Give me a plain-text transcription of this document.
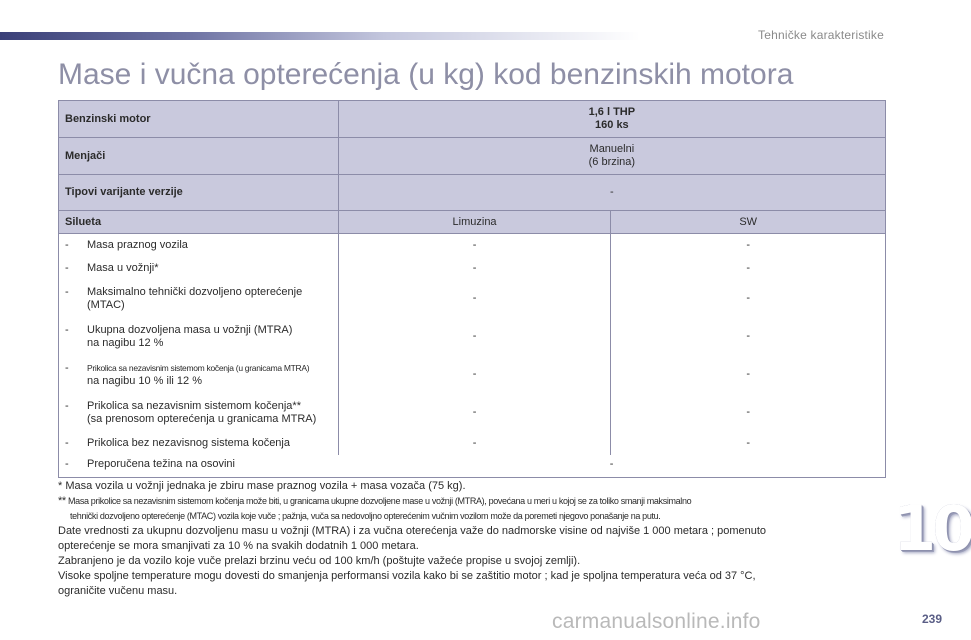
Tehničke karakteristike
Mase i vučna opterećenja (u kg) kod benzinskih motora
Benzinski motor	1,6 l THP
160 ks	

Menjači	Manuelni
(6 brzina)	

Tipovi varijante verzije	-	
Silueta	Limuzina	SW

- Masa praznog vozila	-	-

- Masa u vožnji*	-	-

- Maksimalno tehnički dozvoljeno opterećenje
(MTAC)	-	-

- Ukupna dozvoljena masa u vožnji (MTRA)
na nagibu 12 %	-	-

- Prikolica sa nezavisnim sistemom kočenja (u granicama MTRA)
na nagibu 10 % ili 12 %	-	-

- Prikolica sa nezavisnim sistemom kočenja**
(sa prenosom opterećenja u granicama MTRA)	-	-

- Prikolica bez nezavisnog sistema kočenja	-	-

- Preporučena težina na osovini	-	

* Masa vozila u vožnji jednaka je zbiru mase praznog vozila + masa vozača (75 kg).

** Masa prikolice sa nezavisnim sistemom kočenja može biti, u granicama ukupne dozvoljene mase u vožnji (MTRA), povećana u meri u kojoj se za toliko smanji maksimalno
tehnički dozvoljeno opterećenje (MTAC) vozila koje vuče ; pažnja, vuča sa nedovoljno opterećenim vučnim vozilom može da poremeti njegovo ponašanje na putu.

Date vrednosti za ukupnu dozvoljenu masu u vožnji (MTRA) i za vučna oterećenja važe do nadmorske visine od najviše 1 000 metara ; pomenuto
opterećenje se mora smanjivati za 10 % na svakih dodatnih 1 000 metara.

Zabranjeno je da vozilo koje vuče prelazi brzinu veću od 100 km/h (poštujte važeće propise u svojoj zemlji).

Visoke spoljne temperature mogu dovesti do smanjenja performansi vozila kako bi se zaštitio motor ; kad je spoljna temperatura veća od 37 °C,
ograničite vučenu masu.

10
239
carmanualsonline.info
